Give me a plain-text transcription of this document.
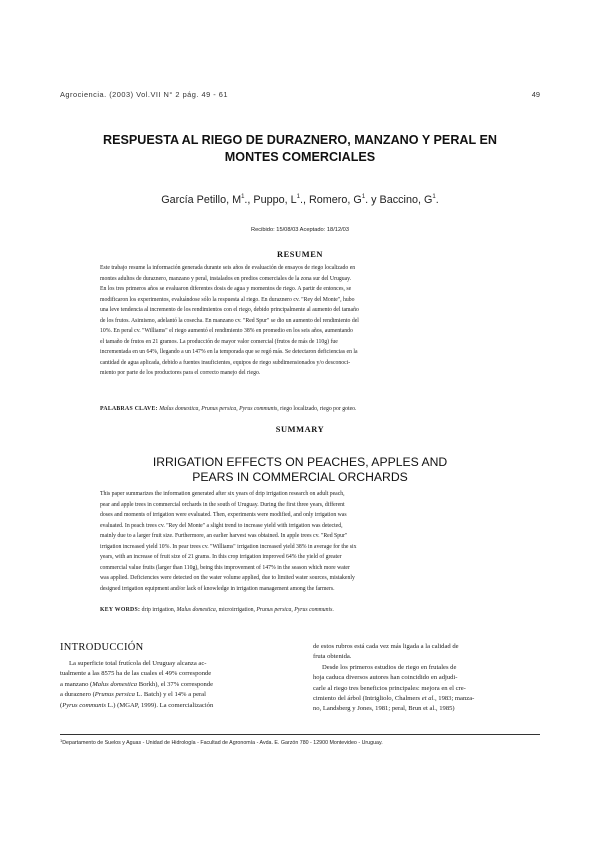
Agrociencia. (2003) Vol.VII N° 2 pág. 49 - 61	49
RESPUESTA AL RIEGO DE DURAZNERO, MANZANO Y PERAL EN
MONTES COMERCIALES
García Petillo, $M^1$., Puppo, $L^1$., Romero, $G^1$. y Baccino, $G^1$.
Recibido: 15/08/03 Aceptado: 18/12/03
RESUMEN
Este trabajo resume la información generada durante seis años de evaluación de ensayos de riego localizado en
montes adultos de duraznero, manzano y peral, instalados en predios comerciales de la zona sur del Uruguay.
En los tres primeros años se evaluaron diferentes dosis de agua y momentos de riego. A partir de entonces, se
modificaron los experimentos, evaluándose sólo la respuesta al riego. En duraznero cv. "Rey del Monte", hubo
una leve tendencia al incremento de los rendimientos con el riego, debido principalmente al aumento del tamaño
de los frutos. Asimismo, adelantó la cosecha. En manzano cv. "Red Spur" se dio un aumento del rendimiento del
10%. En peral cv. "Williams" el riego aumentó el rendimiento 38% en promedio en los seis años, aumentando
el tamaño de frutos en 21 gramos. La producción de mayor valor comercial (frutos de más de 110g) fue
incrementada en un 64%, llegando a un 147% en la temporada que se regó más. Se detectaron deficiencias en la
cantidad de agua aplicada, debido a fuentes insuficientes, equipos de riego subdimensionados y/o desconoci-
miento por parte de los productores para el correcto manejo del riego.
PALABRAS CLAVE: Malus domestica, Prunus persica, Pyrus communis, riego localizado, riego por goteo.
SUMMARY
IRRIGATION EFFECTS ON PEACHES, APPLES AND
PEARS IN COMMERCIAL ORCHARDS
This paper summarizes the information generated after six years of drip irrigation research on adult peach,
pear and apple trees in commercial orchards in the south of Uruguay. During the first three years, different
doses and moments of irrigation were evaluated. Then, experiments were modified, and only irrigation was
evaluated. In peach trees cv. "Rey del Monte" a slight trend to increase yield with irrigation was detected,
mainly due to a larger fruit size. Furthermore, an earlier harvest was obtained. In apple trees cv. "Red Spur"
irrigation increased yield 10%. In pear trees cv. "Williams" irrigation increased yield 38% in average for the six
years, with an increase of fruit size of 21 grams. In this crop irrigation improved 64% the yield of greater
commercial value fruits (larger than 110g), being this improvement of 147% in the season which more water
was applied. Deficiencies were detected on the water volume applied, due to limited water sources, mistakenly
designed irrigation equipment and/or lack of knowledge in irrigation management among the farmers.
KEY WORDS: drip irrigation, Malus domestica, microirrigation, Prunus persica, Pyrus communis.
INTRODUCCIÓN
La superficie total frutícola del Uruguay alcanza ac-
tualmente a las 8575 ha de las cuales el 49% corresponde
a manzano (Malus domestica Borkh), el 37% corresponde
a duraznero (Prunus persica L. Batch) y el 14% a peral
(Pyrus communis L.) (MGAP, 1999). La comercialización
de estos rubros está cada vez más ligada a la calidad de
fruta obtenida.
Desde los primeros estudios de riego en frutales de
hoja caduca diversos autores han coincidido en adjudi-
carle al riego tres beneficios principales: mejora en el cre-
cimiento del árbol (Intrigliolo, Chalmers et al., 1983; manza-
no, Landsberg y Jones, 1981; peral, Brun et al., 1985)
$^1$Departamento de Suelos y Aguas - Unidad de Hidrología - Facultad de Agronomía - Avda. E. Garzón 780 - 12900 Montevideo - Uruguay.
